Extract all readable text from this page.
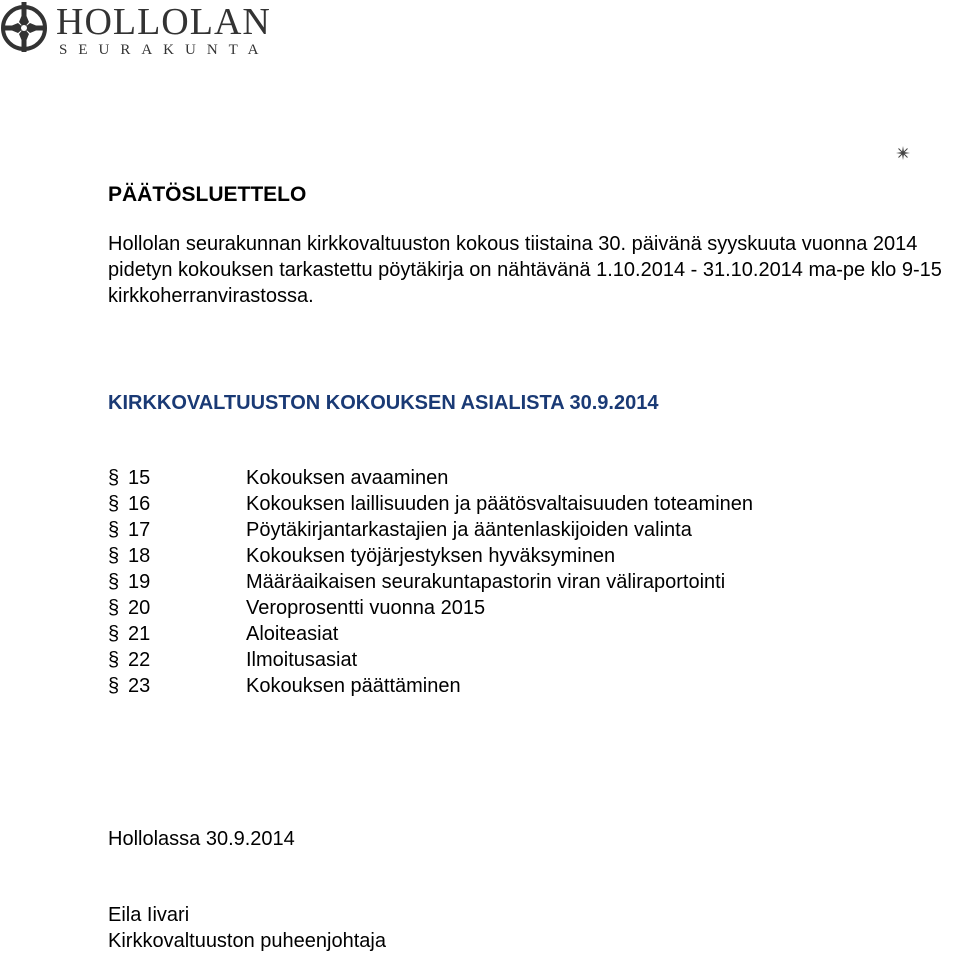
HOLLOLAN
SEURAKUNTA
PÄÄTÖSLUETTELO

Hollolan seurakunnan kirkkovaltuuston kokous tiistaina 30. päivänä syyskuuta vuonna 2014 pidetyn kokouksen tarkastettu pöytäkirja on nähtävänä 1.10.2014 - 31.10.2014 ma-pe klo 9-15 kirkkoherranvirastossa.

KIRKKOVALTUUSTON KOKOUKSEN ASIALISTA 30.9.2014
§ 15	Kokouksen avaaminen
§ 16	Kokouksen laillisuuden ja päätösvaltaisuuden toteaminen
§ 17	Pöytäkirjantarkastajien ja ääntenlaskijoiden valinta
§ 18	Kokouksen työjärjestyksen hyväksyminen
§ 19	Määräaikaisen seurakuntapastorin viran väliraportointi
§ 20	Veroprosentti vuonna 2015
§ 21	Aloiteasiat
§ 22	Ilmoitusasiat
§ 23	Kokouksen päättäminen
Hollolassa 30.9.2014
Eila Iivari
Kirkkovaltuuston puheenjohtaja
